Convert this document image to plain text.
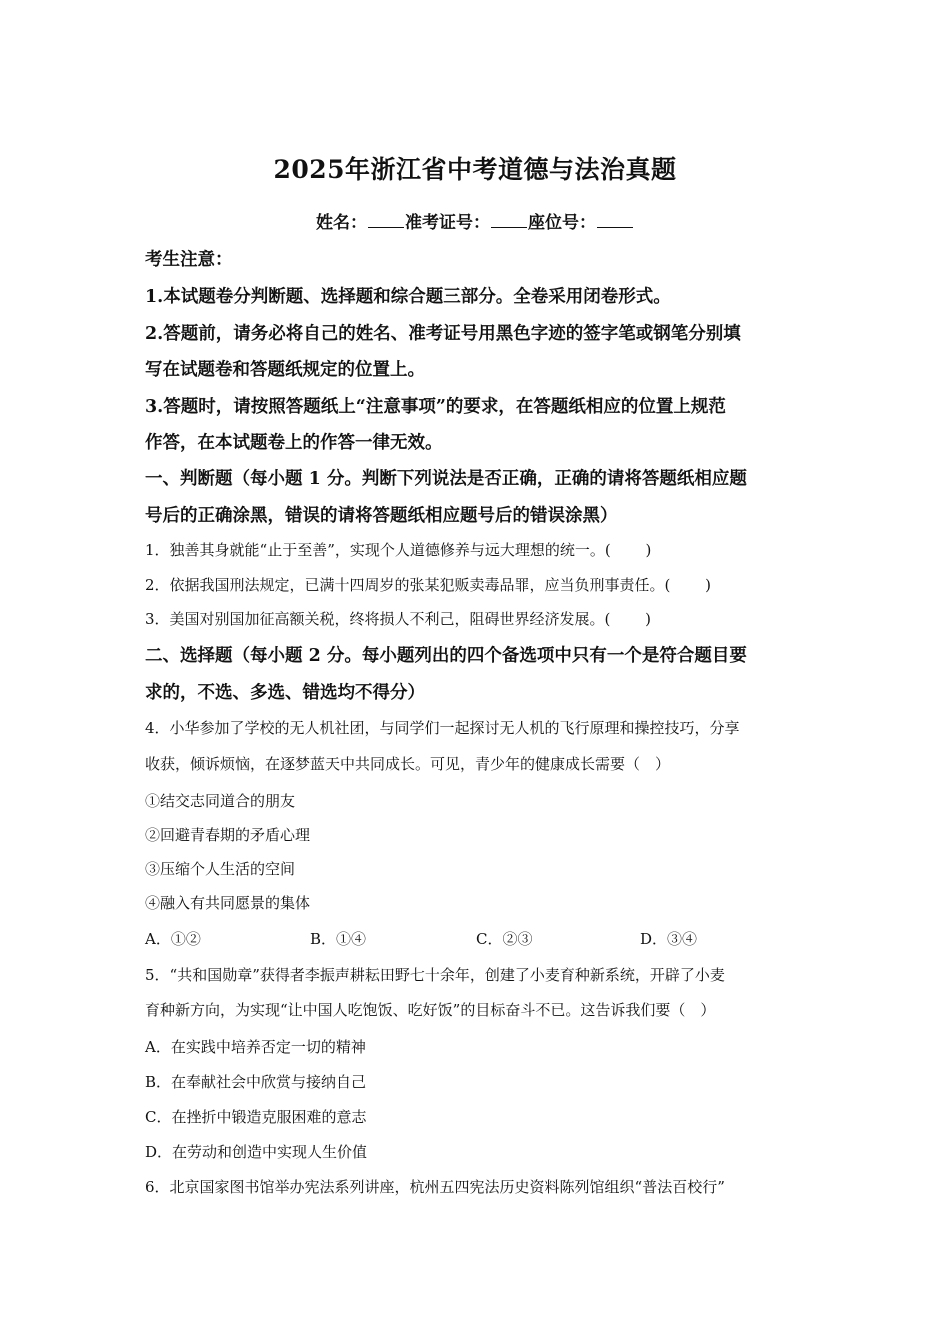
2025年浙江省中考道德与法治真题
姓名： 准考证号： 座位号：
考生注意：
1.本试题卷分判断题、选择题和综合题三部分。全卷采用闭卷形式。
2.答题前，请务必将自己的姓名、准考证号用黑色字迹的签字笔或钢笔分别填
写在试题卷和答题纸规定的位置上。
3.答题时，请按照答题纸上“注意事项”的要求，在答题纸相应的位置上规范
作答，在本试题卷上的作答一律无效。
一、判断题（每小题 1 分。判断下列说法是否正确，正确的请将答题纸相应题
号后的正确涂黑，错误的请将答题纸相应题号后的错误涂黑）
1．独善其身就能“止于至善”，实现个人道德修养与远大理想的统一。(　　 )
2．依据我国刑法规定，已满十四周岁的张某犯贩卖毒品罪，应当负刑事责任。(　　 )
3．美国对别国加征高额关税，终将损人不利己，阻碍世界经济发展。(　　 )
二、选择题（每小题 2 分。每小题列出的四个备选项中只有一个是符合题目要
求的，不选、多选、错选均不得分）
4．小华参加了学校的无人机社团，与同学们一起探讨无人机的飞行原理和操控技巧，分享
收获，倾诉烦恼，在逐梦蓝天中共同成长。可见，青少年的健康成长需要（　）
①结交志同道合的朋友
②回避青春期的矛盾心理
③压缩个人生活的空间
④融入有共同愿景的集体
A．①②	B．①④	C．②③	D．③④
5．“共和国勋章”获得者李振声耕耘田野七十余年，创建了小麦育种新系统，开辟了小麦
育种新方向，为实现“让中国人吃饱饭、吃好饭”的目标奋斗不已。这告诉我们要（　）
A．在实践中培养否定一切的精神
B．在奉献社会中欣赏与接纳自己
C．在挫折中锻造克服困难的意志
D．在劳动和创造中实现人生价值
6．北京国家图书馆举办宪法系列讲座，杭州五四宪法历史资料陈列馆组织“普法百校行”
